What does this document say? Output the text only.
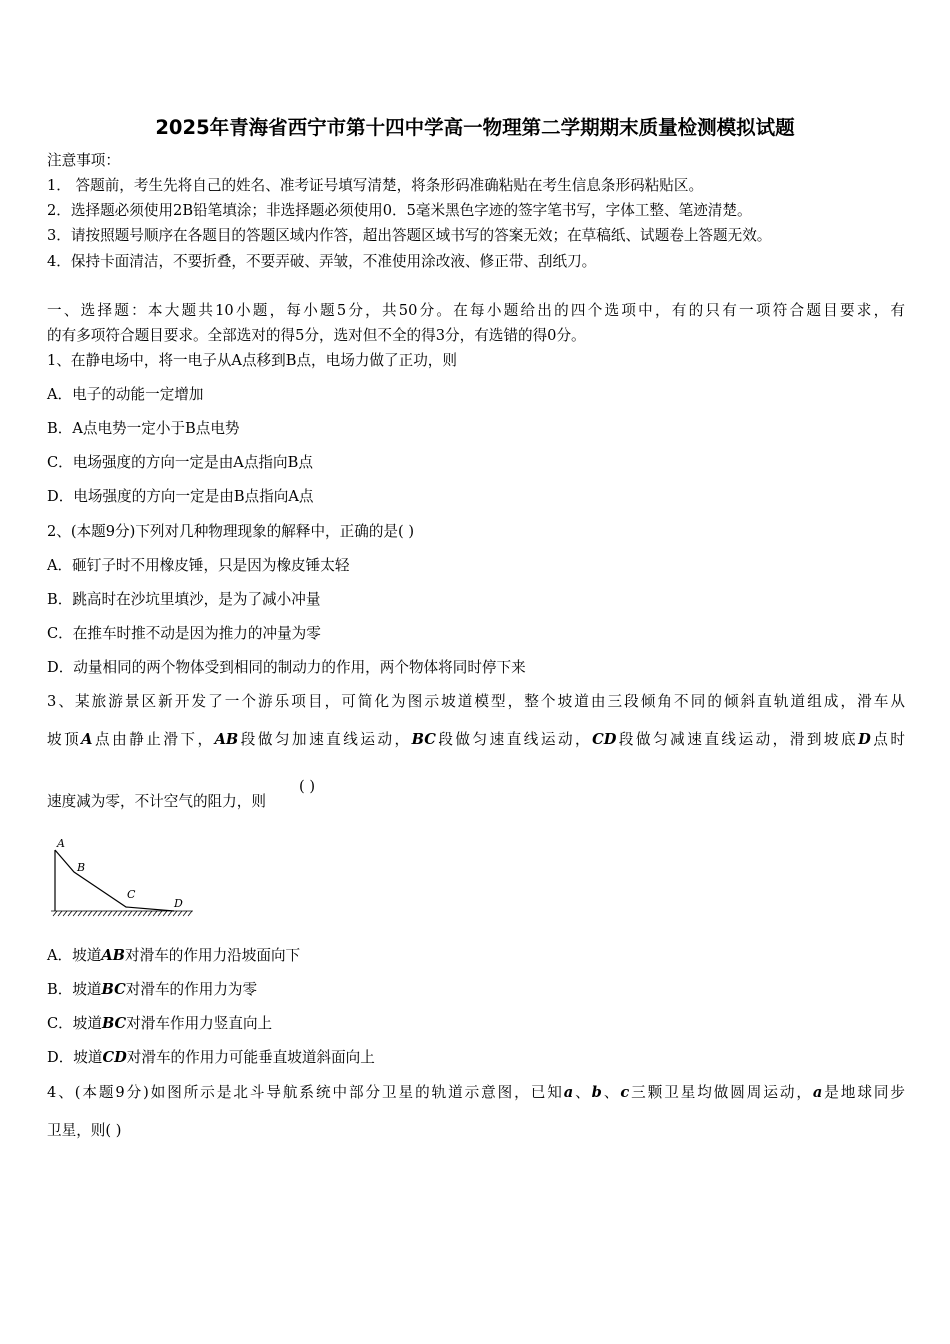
2025年青海省西宁市第十四中学高一物理第二学期期末质量检测模拟试题
注意事项：
1． 答题前，考生先将自己的姓名、准考证号填写清楚，将条形码准确粘贴在考生信息条形码粘贴区。
2．选择题必须使用2B铅笔填涂；非选择题必须使用0．5毫米黑色字迹的签字笔书写，字体工整、笔迹清楚。
3．请按照题号顺序在各题目的答题区域内作答，超出答题区域书写的答案无效；在草稿纸、试题卷上答题无效。
4．保持卡面清洁，不要折叠，不要弄破、弄皱，不准使用涂改液、修正带、刮纸刀。
一、选择题：本大题共10小题，每小题5分，共50分。在每小题给出的四个选项中，有的只有一项符合题目要求，有
的有多项符合题目要求。全部选对的得5分，选对但不全的得3分，有选错的得0分。
1、在静电场中，将一电子从A点移到B点，电场力做了正功，则
A．电子的动能一定增加
B．A点电势一定小于B点电势
C．电场强度的方向一定是由A点指向B点
D．电场强度的方向一定是由B点指向A点
2、(本题9分)下列对几种物理现象的解释中，正确的是( )
A．砸钉子时不用橡皮锤，只是因为橡皮锤太轻
B．跳高时在沙坑里填沙，是为了减小冲量
C．在推车时推不动是因为推力的冲量为零
D．动量相同的两个物体受到相同的制动力的作用，两个物体将同时停下来
3、某旅游景区新开发了一个游乐项目，可简化为图示坡道模型，整个坡道由三段倾角不同的倾斜直轨道组成，滑车从
坡顶A点由静止滑下，AB段做匀加速直线运动，BC段做匀速直线运动，CD段做匀减速直线运动，滑到坡底D点时
速度减为零，不计空气的阻力，则
( )
A
B
C
D
A．坡道AB对滑车的作用力沿坡面向下
B．坡道BC对滑车的作用力为零
C．坡道BC对滑车作用力竖直向上
D．坡道CD对滑车的作用力可能垂直坡道斜面向上
4、(本题9分)如图所示是北斗导航系统中部分卫星的轨道示意图，已知a、b、c三颗卫星均做圆周运动，a是地球同步
卫星，则( )
